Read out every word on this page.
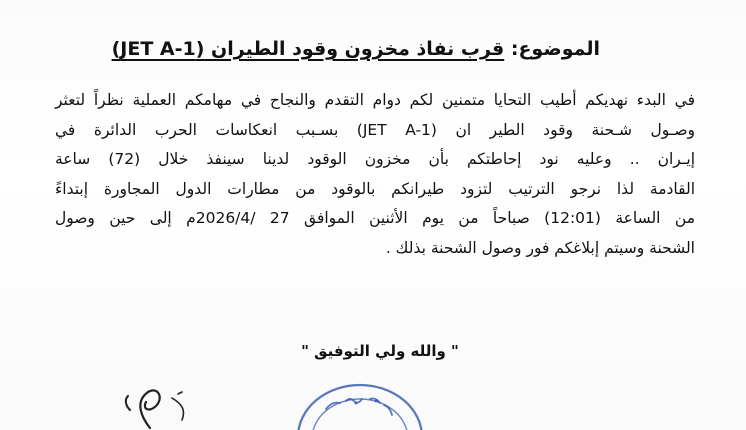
الموضوع: قرب نفاذ مخزون وقود الطيران (JET A-1)
في البدء نهديكم أطيب التحايا متمنين لكم دوام التقدم والنجاح في مهامكم العملية نظراً لتعثر
وصـول شـحنة وقود الطير ان (JET A-1) بسـبب انعكاسات الحرب الدائرة في
إيـران .. وعليه نود إحاطتكم بأن مخزون الوقود لدينا سينفذ خلال (72) ساعة
القادمة لذا نرجو الترتيب لتزود طيرانكم بالوقود من مطارات الدول المجاورة إبتداءً
من الساعة (12:01) صباحاً من يوم الأثنين الموافق 27 /2026/4م إلى حين وصول
الشحنة وسيتم إبلاغكم فور وصول الشحنة بذلك .
" والله ولي التوفيق "
